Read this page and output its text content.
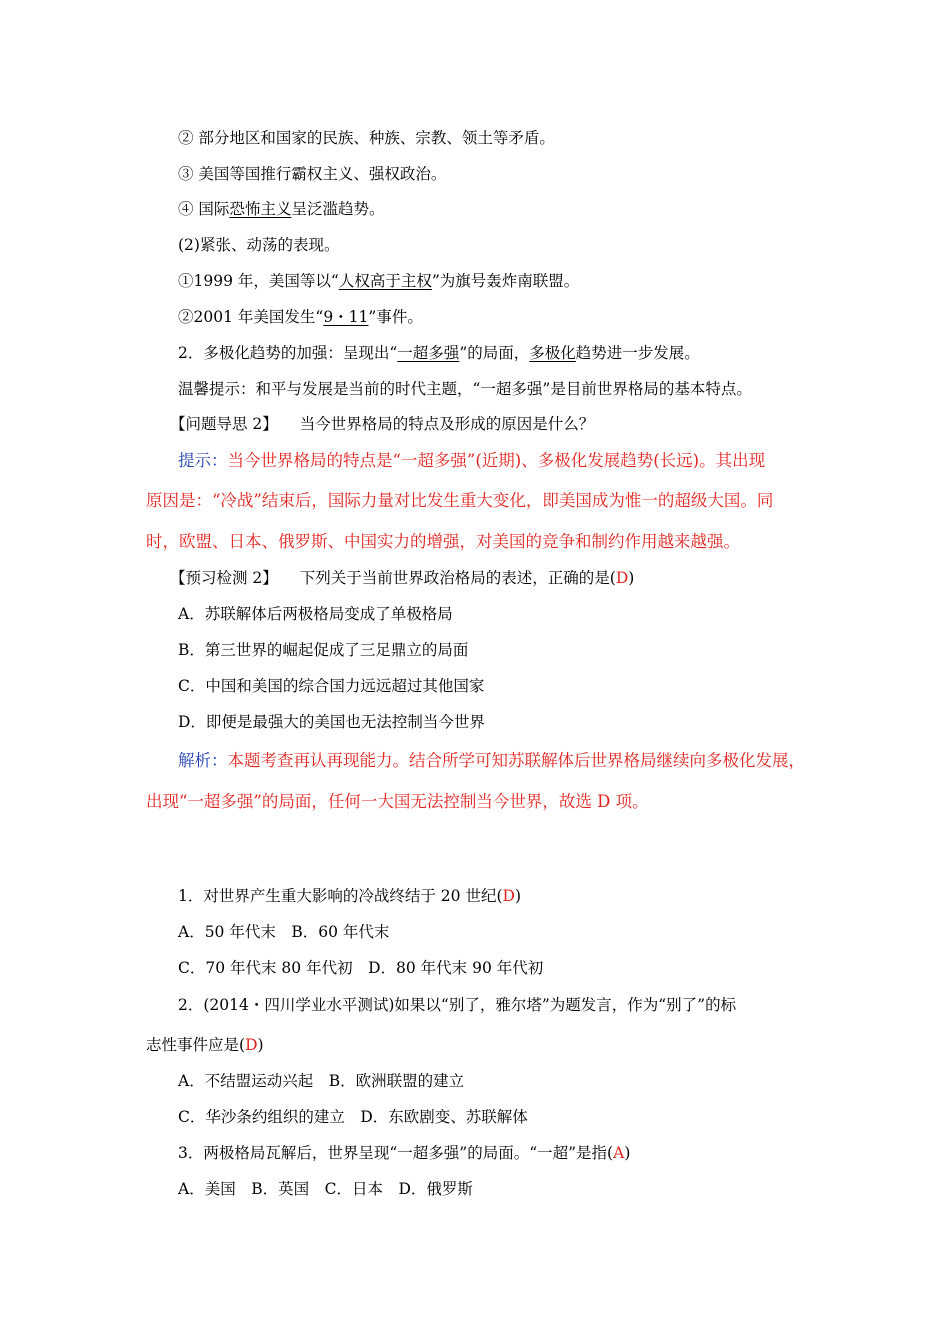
② 部分地区和国家的民族、种族、宗教、领土等矛盾。
③ 美国等国推行霸权主义、强权政治。
④ 国际恐怖主义呈泛滥趋势。
(2)紧张、动荡的表现。
①1999 年，美国等以“人权高于主权”为旗号轰炸南联盟。
②2001 年美国发生“9・11”事件。
2．多极化趋势的加强：呈现出“一超多强”的局面，多极化趋势进一步发展。
温馨提示：和平与发展是当前的时代主题，“一超多强”是目前世界格局的基本特点。
【问题导思 2】 当今世界格局的特点及形成的原因是什么？
提示：当今世界格局的特点是“一超多强”(近期)、多极化发展趋势(长远)。其出现
原因是：“冷战”结束后，国际力量对比发生重大变化，即美国成为惟一的超级大国。同
时，欧盟、日本、俄罗斯、中国实力的增强，对美国的竞争和制约作用越来越强。
【预习检测 2】 下列关于当前世界政治格局的表述，正确的是(D)
A．苏联解体后两极格局变成了单极格局
B．第三世界的崛起促成了三足鼎立的局面
C．中国和美国的综合国力远远超过其他国家
D．即便是最强大的美国也无法控制当今世界
解析：本题考查再认再现能力。结合所学可知苏联解体后世界格局继续向多极化发展，
出现“一超多强”的局面，任何一大国无法控制当今世界，故选 D 项。
1．对世界产生重大影响的冷战终结于 20 世纪(D)
A．50 年代末　B．60 年代末
C．70 年代末 80 年代初　D．80 年代末 90 年代初
2．(2014・四川学业水平测试)如果以“别了，雅尔塔”为题发言，作为“别了”的标
志性事件应是(D)
A．不结盟运动兴起　B．欧洲联盟的建立
C．华沙条约组织的建立　D．东欧剧变、苏联解体
3．两极格局瓦解后，世界呈现“一超多强”的局面。“一超”是指(A)
A．美国　B．英国　C．日本　D．俄罗斯
